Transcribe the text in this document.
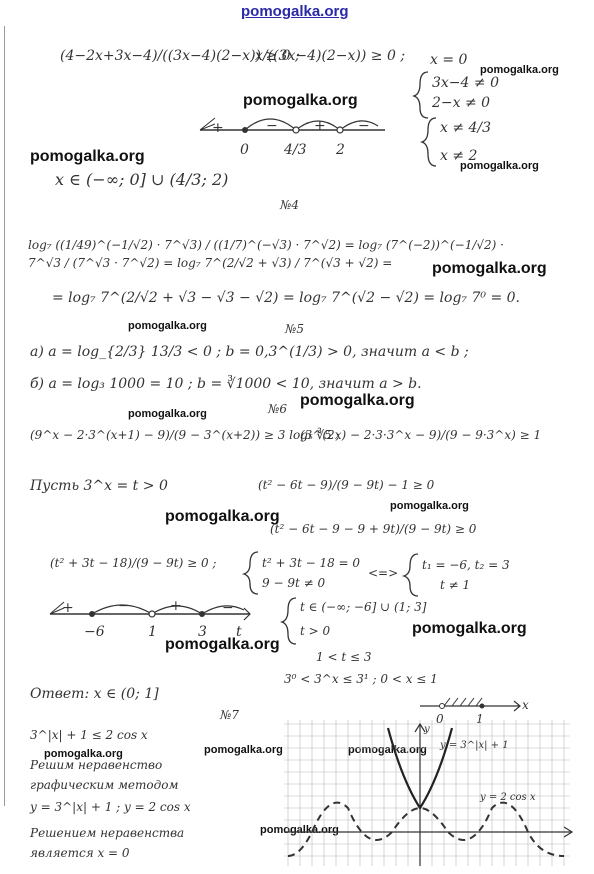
pomogalka.org
(4−2x+3x−4)/((3x−4)(2−x)) ≥ 0 ;
x/((3x−4)(2−x)) ≥ 0 ; x = 0
3x−4 ≠ 0
2−x ≠ 0
x ≠ 4/3
x ≠ 2
+	−	+ −
0	4/3 2
x ∈ (−∞; 0] ∪ (4/3; 2)
pomogalka.org
pomogalka.org
pomogalka.org
pomogalka.org
№4
log₇ ((1/49)^(−1/√2) · 7^√3) / ((1/7)^(−√3) · 7^√2) = log₇ (7^(−2))^(−1/√2) · 7^√3 / (7^√3 · 7^√2) = log₇ 7^(2/√2 + √3) / 7^(√3 + √2) =
= log₇ 7^(2/√2 + √3 − √3 − √2) = log₇ 7^(√2 − √2) = log₇ 7⁰ = 0.
pomogalka.org
pomogalka.org	№5
a) a = log_{2/3} 13/3 < 0 ; b = 0,3^(1/3) > 0, значит a < b ;
б) a = log₃ 1000 = 10 ; b = ∛1000 < 10, значит a > b.
№6 pomogalka.org
pomogalka.org
(9^x − 2·3^(x+1) − 9)/(9 − 3^(x+2)) ≥ 3 log₅ ∛5 ;
(3^(2x) − 2·3·3^x − 9)/(9 − 9·3^x) ≥ 1
Пусть 3^x = t > 0	(t² − 6t − 9)/(9 − 9t) − 1 ≥ 0
pomogalka.org
pomogalka.org
(t² − 6t − 9 − 9 + 9t)/(9 − 9t) ≥ 0
(t² + 3t − 18)/(9 − 9t) ≥ 0 ;	t² + 3t − 18 = 0
9 − 9t ≠ 0
<=>
t₁ = −6, t₂ = 3
t ≠ 1
+	−	+	−
−6	1	3 t
t ∈ (−∞; −6] ∪ (1; 3]
t > 0	pomogalka.org
pomogalka.org
1 < t ≤ 3
3⁰ < 3^x ≤ 3¹ ; 0 < x ≤ 1
0	1
x
Ответ: x ∈ (0; 1]
№7
3^|x| + 1 ≤ 2 cos x
pomogalka.org	pomogalka.org	pomogalka.org
Решим неравенство
графическим методом
y = 3^|x| + 1 ; y = 2 cos x
pomogalka.org
Решением неравенства
является x = 0
y
y = 3^|x| + 1
y = 2 cos x
